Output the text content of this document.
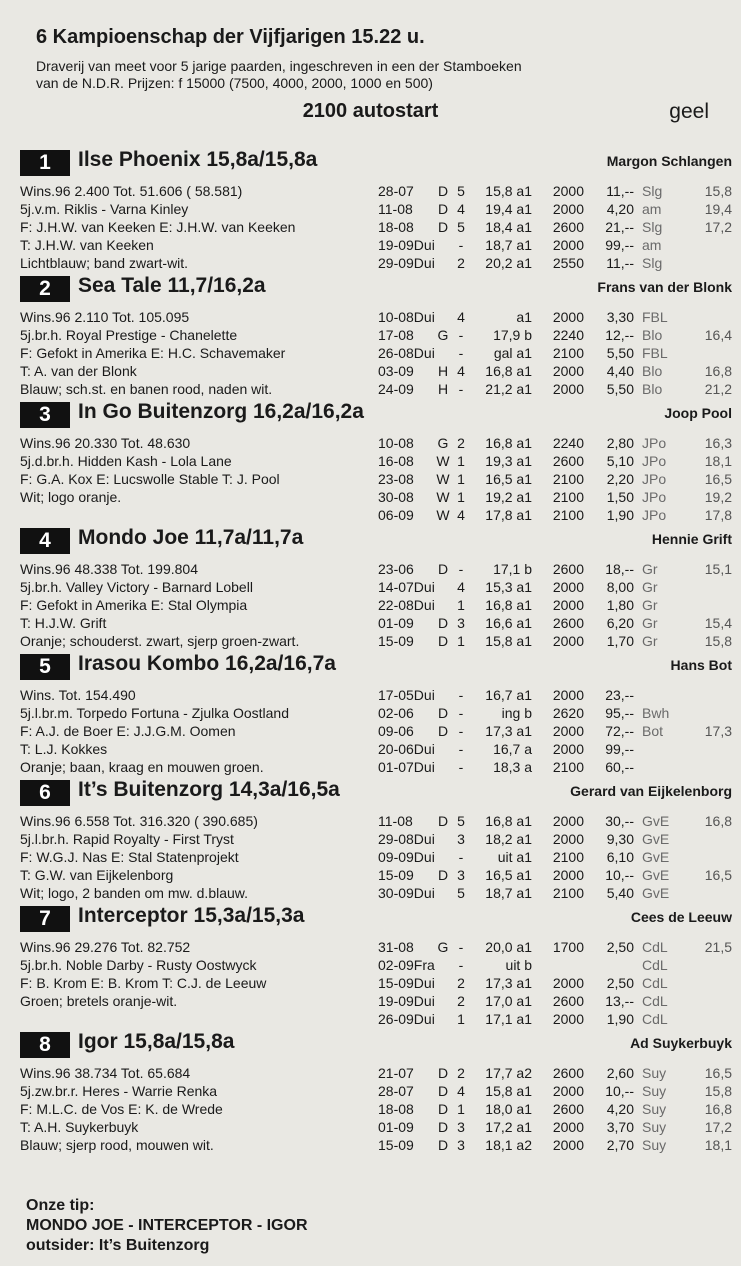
6 Kampioenschap der Vijfjarigen 15.22 u.
Draverij van meet voor 5 jarige paarden, ingeschreven in een der Stamboeken
van de N.D.R. Prijzen: f 15000 (7500, 4000, 2000, 1000 en 500)
2100 autostart	geel
1	Ilse Phoenix 15,8a/15,8a	Margon Schlangen
Wins.96 2.400 Tot. 51.606 ( 58.581)
5j.v.m. Riklis - Varna Kinley
F: J.H.W. van Keeken E: J.H.W. van Keeken
T: J.H.W. van Keeken
Lichtblauw; band zwart-wit.
28-07 D 5	15,8 a1	2000	11,-- Slg	15,8
11-08 D 4	19,4 a1	2000	4,20 am	19,4
18-08 D 5	18,4 a1	2600	21,-- Slg	17,2
19-09Dui	-	18,7 a1	2000	99,-- am
29-09Dui 2	20,2 a1	2550	11,-- Slg
2	Sea Tale 11,7/16,2a	Frans van der Blonk
Wins.96 2.110 Tot. 105.095
5j.br.h. Royal Prestige - Chanelette
F: Gefokt in Amerika E: H.C. Schavemaker
T: A. van der Blonk
Blauw; sch.st. en banen rood, naden wit.
10-08Dui 4	a1	2000	3,30 FBL
17-08 G -	17,9 b	2240	12,-- Blo	16,4
26-08Dui	-	gal a1	2100	5,50 FBL
03-09 H 4	16,8 a1	2000	4,40 Blo	16,8
24-09 H -	21,2 a1	2000	5,50 Blo	21,2
3	In Go Buitenzorg 16,2a/16,2a	Joop Pool
Wins.96 20.330 Tot. 48.630
5j.d.br.h. Hidden Kash - Lola Lane
F: G.A. Kox E: Lucswolle Stable T: J. Pool
Wit; logo oranje.
10-08 G 2	16,8 a1	2240	2,80 JPo	16,3
16-08 W 1	19,3 a1	2600	5,10 JPo	18,1
23-08 W 1	16,5 a1	2100	2,20 JPo	16,5
30-08 W 1	19,2 a1	2100	1,50 JPo	19,2
06-09 W 4	17,8 a1	2100	1,90 JPo	17,8
4	Mondo Joe 11,7a/11,7a	Hennie Grift
Wins.96 48.338 Tot. 199.804
5j.br.h. Valley Victory - Barnard Lobell
F: Gefokt in Amerika E: Stal Olympia
T: H.J.W. Grift
Oranje; schouderst. zwart, sjerp groen-zwart.
23-06 D -	17,1 b	2600	18,-- Gr	15,1
14-07Dui 4	15,3 a1	2000	8,00 Gr
22-08Dui 1	16,8 a1	2000	1,80 Gr
01-09 D 3	16,6 a1	2600	6,20 Gr	15,4
15-09 D 1	15,8 a1	2000	1,70 Gr	15,8
5	Irasou Kombo 16,2a/16,7a	Hans Bot
Wins. Tot. 154.490
5j.l.br.m. Torpedo Fortuna - Zjulka Oostland
F: A.J. de Boer E: J.J.G.M. Oomen
T: L.J. Kokkes
Oranje; baan, kraag en mouwen groen.
17-05Dui	-	16,7 a1	2000	23,--
02-06 D -	ing b	2620	95,-- Bwh
09-06 D -	17,3 a1	2000	72,-- Bot	17,3
20-06Dui	-	16,7 a	2000	99,--
01-07Dui	-	18,3 a	2100	60,--
6	It’s Buitenzorg 14,3a/16,5a	Gerard van Eijkelenborg
Wins.96 6.558 Tot. 316.320 ( 390.685)
5j.l.br.h. Rapid Royalty - First Tryst
F: W.G.J. Nas E: Stal Statenprojekt
T: G.W. van Eijkelenborg
Wit; logo, 2 banden om mw. d.blauw.
11-08 D 5	16,8 a1	2000	30,-- GvE	16,8
29-08Dui 3	18,2 a1	2000	9,30 GvE
09-09Dui	-	uit a1	2100	6,10 GvE
15-09 D 3	16,5 a1	2000	10,-- GvE	16,5
30-09Dui 5	18,7 a1	2100	5,40 GvE
7	Interceptor 15,3a/15,3a	Cees de Leeuw
Wins.96 29.276 Tot. 82.752
5j.br.h. Noble Darby - Rusty Oostwyck
F: B. Krom E: B. Krom T: C.J. de Leeuw
Groen; bretels oranje-wit.
31-08 G -	20,0 a1	1700	2,50 CdL	21,5
02-09Fra	-	uit b	CdL
15-09Dui 2	17,3 a1	2000	2,50 CdL
19-09Dui 2	17,0 a1	2600	13,-- CdL
26-09Dui 1	17,1 a1	2000	1,90 CdL
8	Igor 15,8a/15,8a	Ad Suykerbuyk
Wins.96 38.734 Tot. 65.684
5j.zw.br.r. Heres - Warrie Renka
F: M.L.C. de Vos E: K. de Wrede
T: A.H. Suykerbuyk
Blauw; sjerp rood, mouwen wit.
21-07 D 2	17,7 a2	2600	2,60 Suy	16,5
28-07 D 4	15,8 a1	2000	10,-- Suy	15,8
18-08 D 1	18,0 a1	2600	4,20 Suy	16,8
01-09 D 3	17,2 a1	2000	3,70 Suy	17,2
15-09 D 3	18,1 a2	2000	2,70 Suy	18,1
Onze tip:
MONDO JOE - INTERCEPTOR - IGOR
outsider: It’s Buitenzorg
